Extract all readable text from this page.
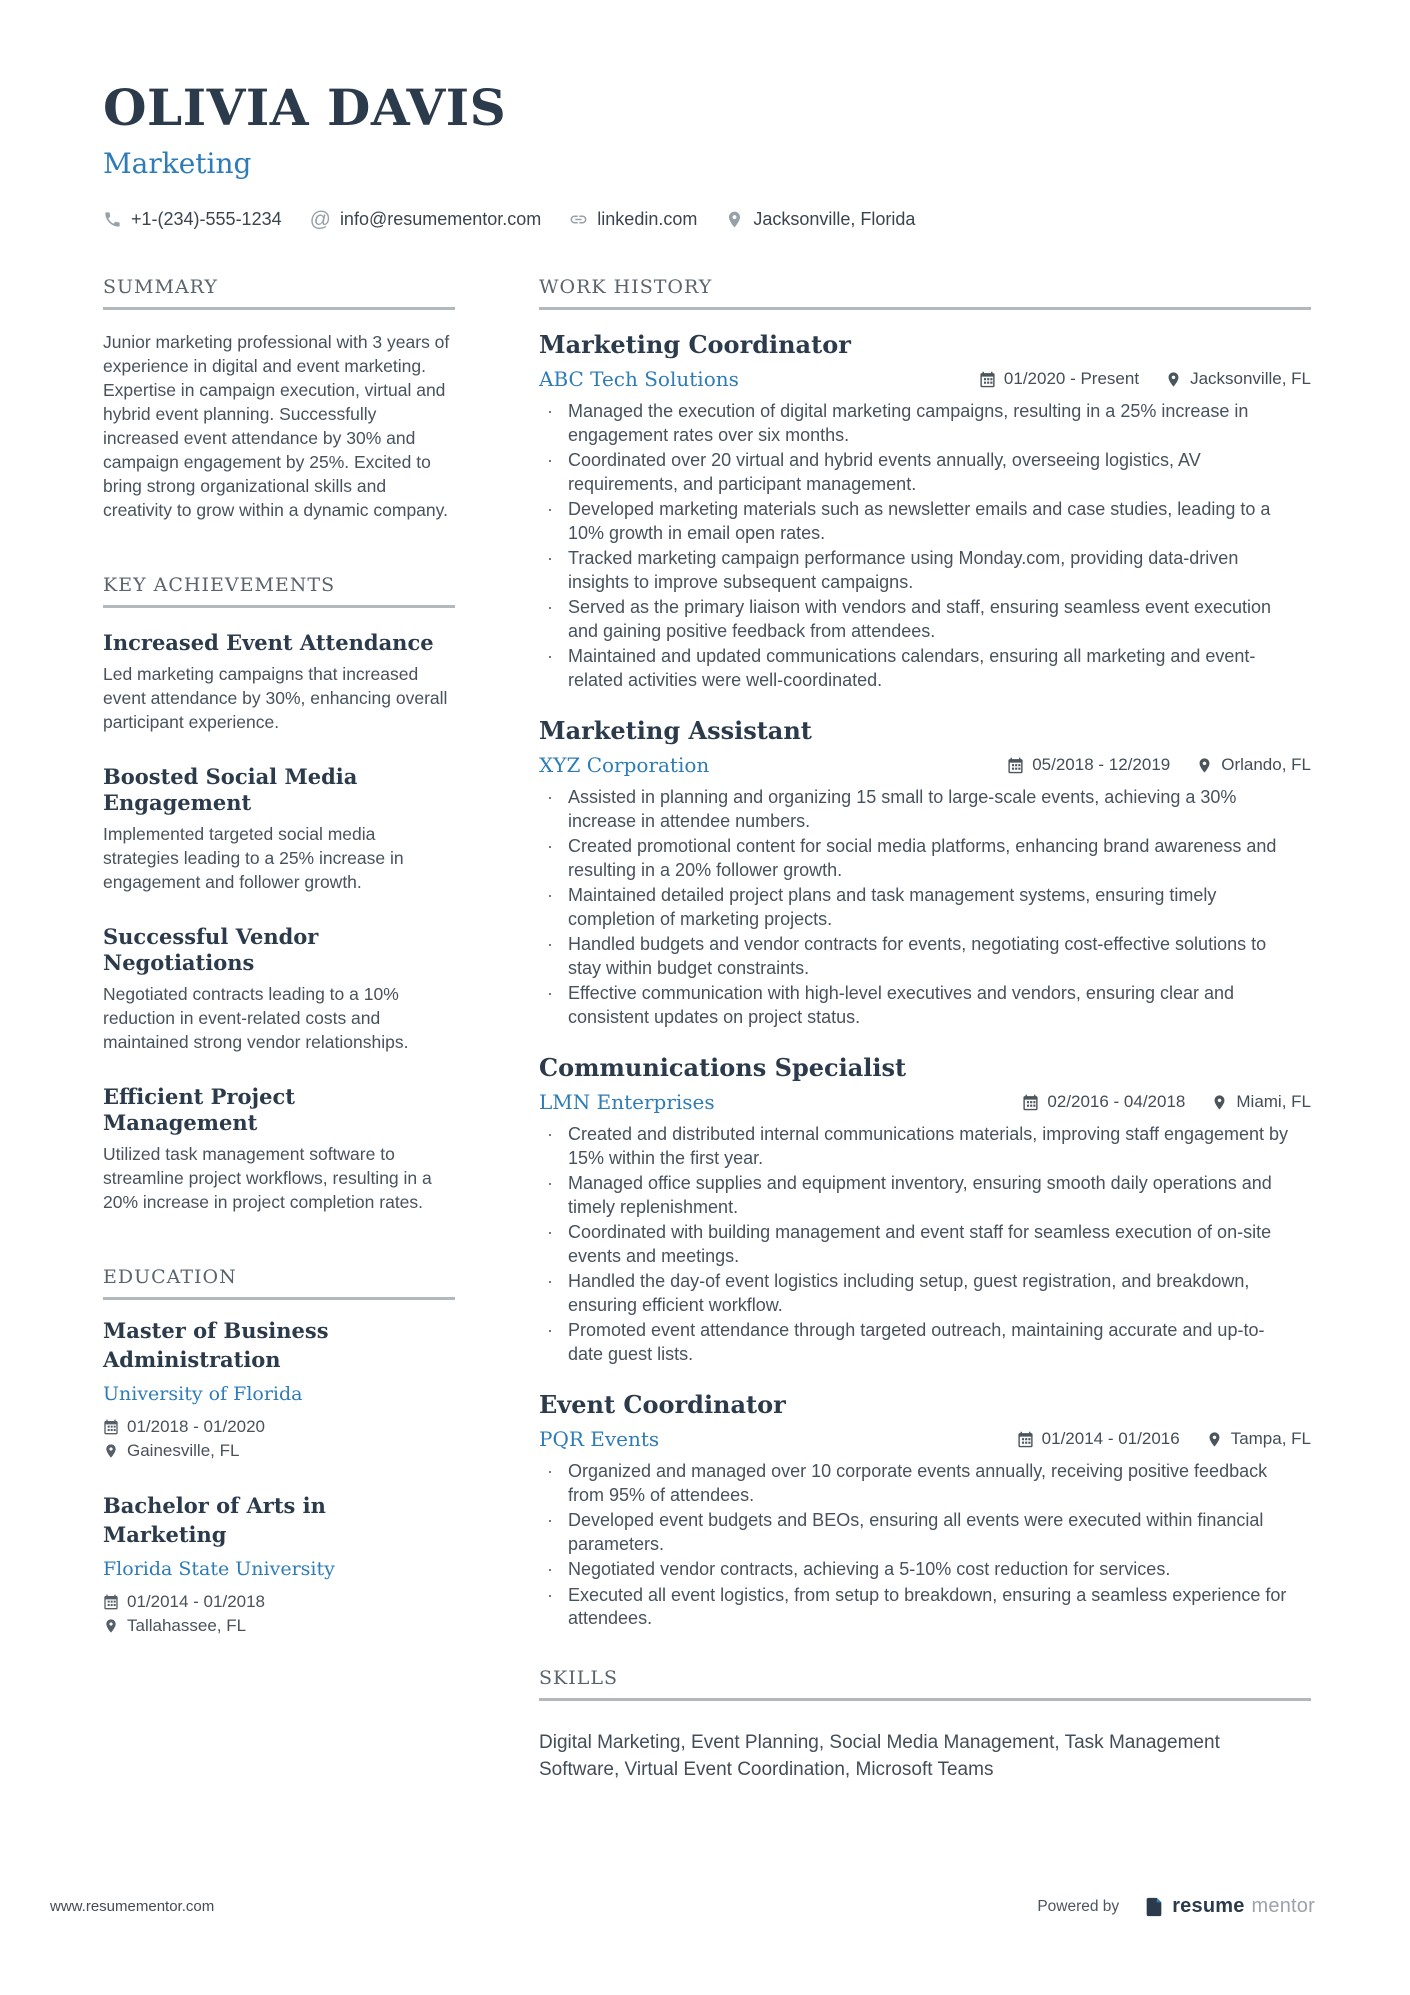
OLIVIA DAVIS
Marketing
+1-(234)-555-1234 @ info@resumementor.com	linkedin.com	Jacksonville, Florida
SUMMARY

Junior marketing professional with 3 years of experience in digital and event marketing. Expertise in campaign execution, virtual and hybrid event planning. Successfully increased event attendance by 30% and campaign engagement by 25%. Excited to bring strong organizational skills and creativity to grow within a dynamic company.

KEY ACHIEVEMENTS
Increased Event Attendance

Led marketing campaigns that increased event attendance by 30%, enhancing overall participant experience.

Boosted Social Media Engagement

Implemented targeted social media strategies leading to a 25% increase in engagement and follower growth.

Successful Vendor Negotiations

Negotiated contracts leading to a 10% reduction in event-related costs and maintained strong vendor relationships.

Efficient Project Management

Utilized task management software to streamline project workflows, resulting in a 20% increase in project completion rates.

EDUCATION
Master of Business Administration
University of Florida
01/2018 - 01/2020
Gainesville, FL
Bachelor of Arts in Marketing
Florida State University
01/2014 - 01/2018
Tallahassee, FL
WORK HISTORY
Marketing Coordinator
ABC Tech Solutions	01/2020 - Present	Jacksonville, FL
· Managed the execution of digital marketing campaigns, resulting in a 25% increase in engagement rates over six months.
· Coordinated over 20 virtual and hybrid events annually, overseeing logistics, AV requirements, and participant management.
· Developed marketing materials such as newsletter emails and case studies, leading to a 10% growth in email open rates.
· Tracked marketing campaign performance using Monday.com, providing data-driven insights to improve subsequent campaigns.
· Served as the primary liaison with vendors and staff, ensuring seamless event execution and gaining positive feedback from attendees.
· Maintained and updated communications calendars, ensuring all marketing and event-related activities were well-coordinated.
Marketing Assistant
XYZ Corporation	05/2018 - 12/2019	Orlando, FL
· Assisted in planning and organizing 15 small to large-scale events, achieving a 30% increase in attendee numbers.
· Created promotional content for social media platforms, enhancing brand awareness and resulting in a 20% follower growth.
· Maintained detailed project plans and task management systems, ensuring timely completion of marketing projects.
· Handled budgets and vendor contracts for events, negotiating cost-effective solutions to stay within budget constraints.
· Effective communication with high-level executives and vendors, ensuring clear and consistent updates on project status.
Communications Specialist
LMN Enterprises	02/2016 - 04/2018	Miami, FL
· Created and distributed internal communications materials, improving staff engagement by 15% within the first year.
· Managed office supplies and equipment inventory, ensuring smooth daily operations and timely replenishment.
· Coordinated with building management and event staff for seamless execution of on-site events and meetings.
· Handled the day-of event logistics including setup, guest registration, and breakdown, ensuring efficient workflow.
· Promoted event attendance through targeted outreach, maintaining accurate and up-to-date guest lists.
Event Coordinator
PQR Events	01/2014 - 01/2016	Tampa, FL
· Organized and managed over 10 corporate events annually, receiving positive feedback from 95% of attendees.
· Developed event budgets and BEOs, ensuring all events were executed within financial parameters.
· Negotiated vendor contracts, achieving a 5-10% cost reduction for services.
· Executed all event logistics, from setup to breakdown, ensuring a seamless experience for attendees.
SKILLS

Digital Marketing, Event Planning, Social Media Management, Task Management Software, Virtual Event Coordination, Microsoft Teams

www.resumementor.com	Powered by	resume mentor
